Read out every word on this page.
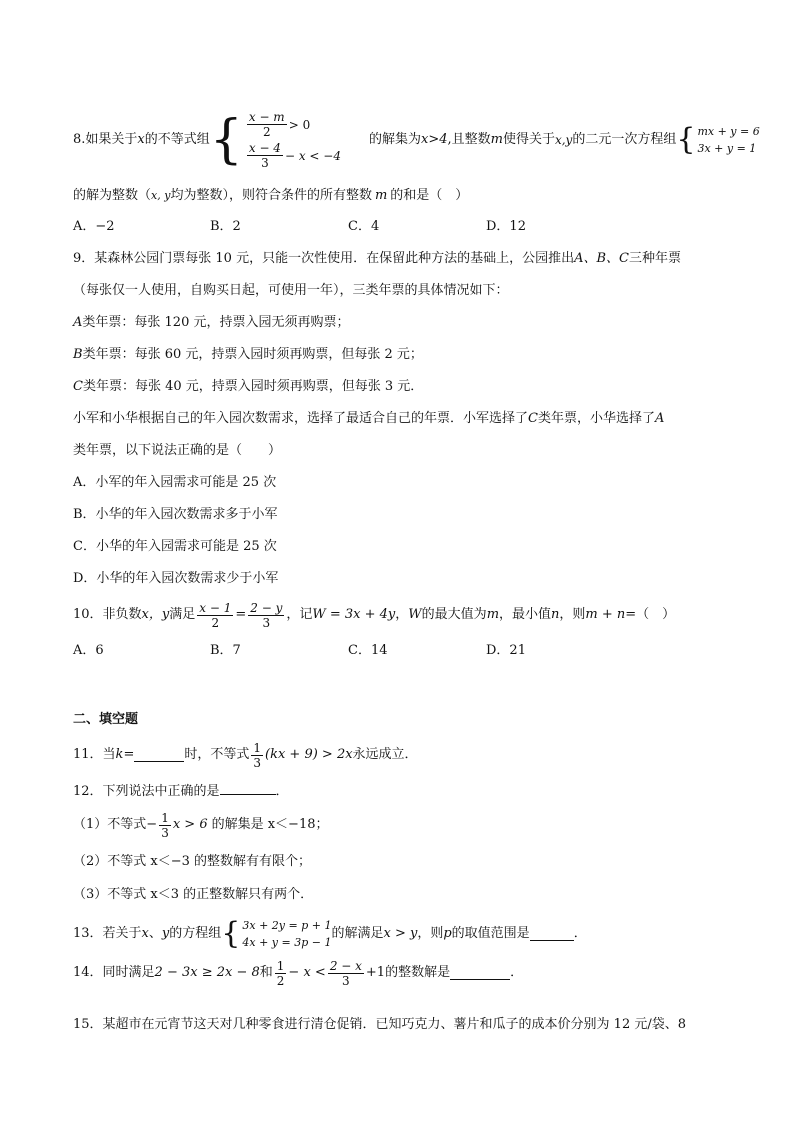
8.如果关于 x 的不等式组 { $\frac{x - m}{2} > 0$
$\frac{x - 4}{3} - x < -4$
的解集为 x>4 ,且整数 m 使得关于 x,y 的二元一次方程组 { mx + y = 6
3x + y = 1
的解为整数（x, y均为整数），则符合条件的所有整数 m 的和是（　）
A．−2	B．2	C．4	D．12
9．某森林公园门票每张 10 元，只能一次性使用．在保留此种方法的基础上，公园推出A、B、C三种年票
（每张仅一人使用，自购买日起，可使用一年），三类年票的具体情况如下：
A类年票：每张 120 元，持票入园无须再购票；
B类年票：每张 60 元，持票入园时须再购票，但每张 2 元；
C类年票：每张 40 元，持票入园时须再购票，但每张 3 元．
小军和小华根据自己的年入园次数需求，选择了最适合自己的年票．小军选择了C类年票，小华选择了A
类年票，以下说法正确的是（　　）
A．小军的年入园需求可能是 25 次
B．小华的年入园次数需求多于小军
C．小华的年入园需求可能是 25 次
D．小华的年入园次数需求少于小军
10．非负数 x，y 满足 $\frac{x - 1}{2} = \frac{2 - y}{3}$ ，记 W = 3x + 4y ， W 的最大值为 m ，最小值 n ，则 m + n =（　）
A．6	B．7	C．14	D．21
二、填空题
11．当 k =	时，不等式 $\frac{1}{3} (kx + 9) > 2x$ 永远成立．
12．下列说法中正确的是	．
（1）不等式 − $\frac{1}{3}$ x > 6 的解集是 x＜−18；
（2）不等式 x＜−3 的整数解有有限个；
（3）不等式 x＜3 的正整数解只有两个．
13．若关于 x 、 y 的方程组 { 3x + 2y = p + 1
4x + y = 3p − 1
的解满足 x > y ，则 p 的取值范围是	．
14．同时满足 2 − 3x ≥ 2x − 8 和 $\frac{1}{2} - x < \frac{2 - x}{3} +1$ 的整数解是	．
15．某超市在元宵节这天对几种零食进行清仓促销．已知巧克力、薯片和瓜子的成本价分别为 12 元/袋、8
